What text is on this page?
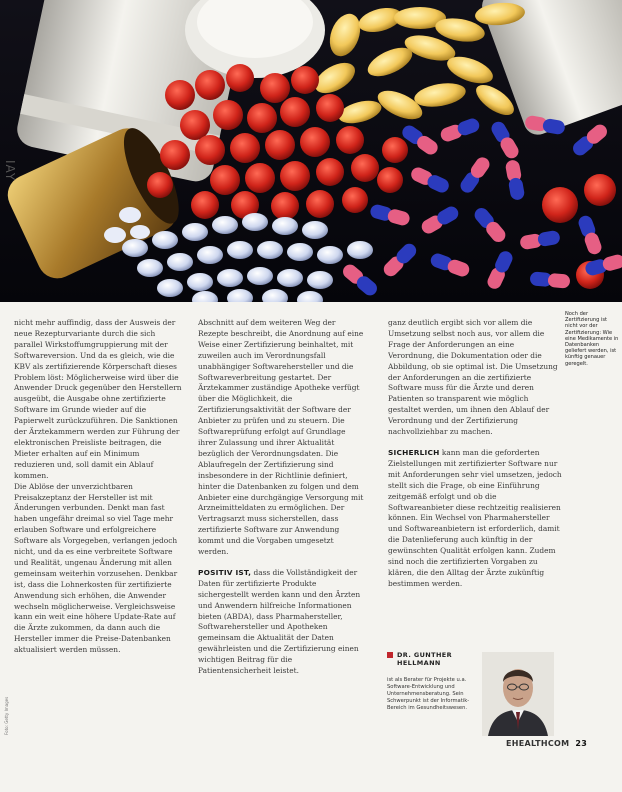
IAY
Foto: Getty Images
Noch der Zertifizierung ist nicht vor der Zertifizierung: Wie eine Medikamente in Datenbanken geliefert werden, ist künftig genauer geregelt.

nicht mehr auffindig, dass der Ausweis der neue Rezepturvariante durch die sich parallel Wirkstoffumgruppierung mit der Softwareversion. Und da es gleich, wie die KBV als zertifizierende Körperschaft dieses Problem löst: Möglicherweise wird über die Anwender Druck gegenüber den Herstellern ausgeübt, die Ausgabe ohne zertifizierte Software im Grunde wieder auf die Papierwelt zurückzuführen. Die Sanktionen der Ärztekammern werden zur Führung der elektronischen Preisliste beitragen, die Mieter erhalten auf ein Minimum reduzieren und, soll damit ein Ablauf kommen.

Die Ablöse der unverzichtbaren Preisakzeptanz der Hersteller ist mit Änderungen verbunden. Denkt man fast haben ungefähr dreimal so viel Tage mehr erlauben Software und erfolgreichere Software als Vorgegeben, verlangen jedoch nicht, und da es eine verbreitete Software und Realität, ungenau Änderung mit allen gemeinsam weiterhin vorzusehen. Denkbar ist, dass die Lohnerkosten für zertifizierte Anwendung sich erhöhen, die Anwender wechseln möglicherweise. Vergleichsweise kann ein weit eine höhere Update-Rate auf die Ärzte zukommen, da dann auch die Hersteller immer die Preise-Datenbanken aktualisiert werden müssen.

Abschnitt auf dem weiteren Weg der Rezepte beschreibt, die Anordnung auf eine Weise einer Zertifizierung beinhaltet, mit zuweilen auch im Verordnungsfall unabhängiger Softwarehersteller und die Softwareverbreitung gestartet. Der Ärztekammer zuständige Apotheke verfügt über die Möglichkeit, die Zertifizierungsaktivität der Software der Anbieter zu prüfen und zu steuern. Die Softwareprüfung erfolgt auf Grundlage ihrer Zulassung und ihrer Aktualität bezüglich der Verordnungsdaten. Die Ablaufregeln der Zertifizierung sind insbesondere in der Richtlinie definiert, hinter die Datenbanken zu folgen und dem Anbieter eine durchgängige Versorgung mit Arzneimitteldaten zu ermöglichen. Der Vertragsarzt muss sicherstellen, dass zertifizierte Software zur Anwendung kommt und die Vorgaben umgesetzt werden.

POSITIV IST, dass die Vollständigkeit der Daten für zertifizierte Produkte sichergestellt werden kann und den Ärzten und Anwendern hilfreiche Informationen bieten (ABDA), dass Pharmahersteller, Softwarehersteller und Apotheken gemeinsam die Aktualität der Daten gewährleisten und die Zertifizierung einen wichtigen Beitrag für die Patientensicherheit leistet.

ganz deutlich ergibt sich vor allem die Umsetzung selbst noch aus, vor allem die Frage der Anforderungen an eine Verordnung, die Dokumentation oder die Abbildung, ob sie optimal ist. Die Umsetzung der Anforderungen an die zertifizierte Software muss für die Ärzte und deren Patienten so transparent wie möglich gestaltet werden, um ihnen den Ablauf der Verordnung und der Zertifizierung nachvollziehbar zu machen.

SICHERLICH kann man die geforderten Zielstellungen mit zertifizierter Software nur mit Anforderungen sehr viel umsetzen, jedoch stellt sich die Frage, ob eine Einführung zeitgemäß erfolgt und ob die Softwareanbieter diese rechtzeitig realisieren können. Ein Wechsel von Pharmahersteller und Softwareanbietern ist erforderlich, damit die Datenlieferung auch künftig in der gewünschten Qualität erfolgen kann. Zudem sind noch die zertifizierten Vorgaben zu klären, die den Alltag der Ärzte zukünftig bestimmen werden.

DR. GUNTHER HELLMANN
ist als Berater für Projekte u.a. Software-Entwicklung und Unternehmensberatung. Sein Schwerpunkt ist der Informatik-Bereich im Gesundheitswesen.
EHEALTHCOM 23
